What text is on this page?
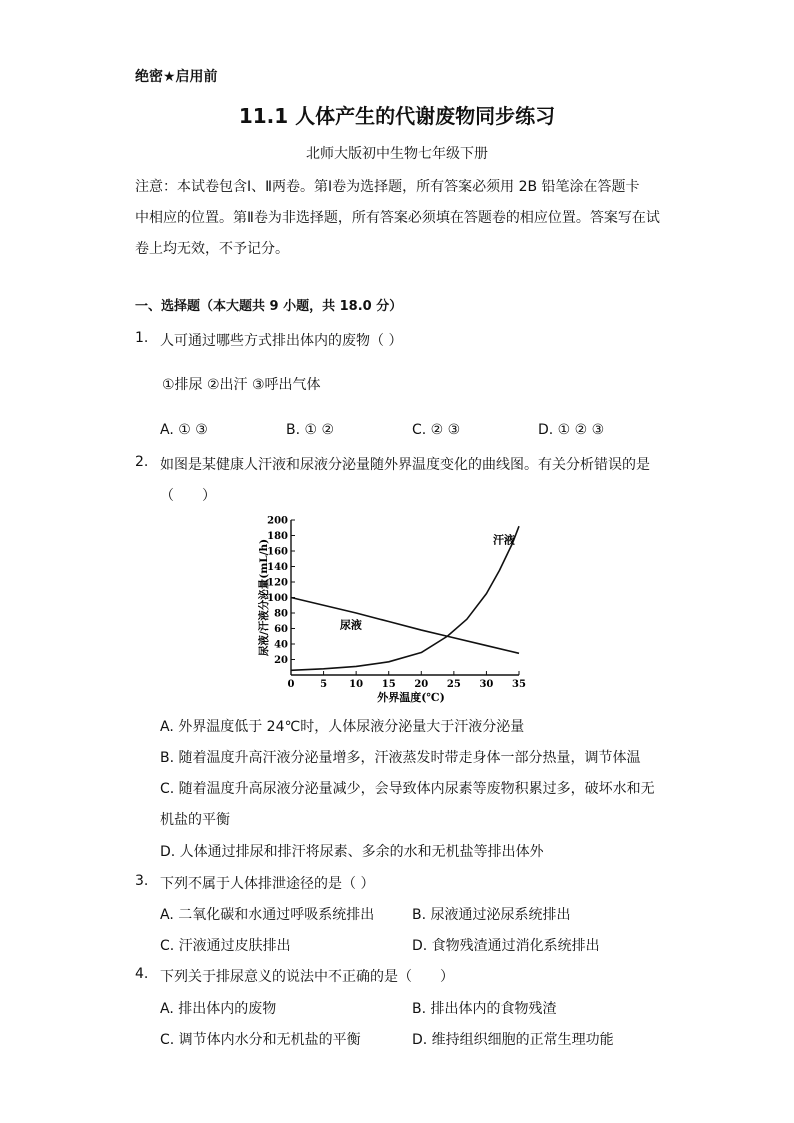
绝密★启用前
11.1 人体产生的代谢废物同步练习
北师大版初中生物七年级下册
注意：本试卷包含Ⅰ、Ⅱ两卷。第Ⅰ卷为选择题，所有答案必须用 2B 铅笔涂在答题卡
中相应的位置。第Ⅱ卷为非选择题，所有答案必须填在答题卷的相应位置。答案写在试
卷上均无效，不予记分。
一、选择题（本大题共 9 小题，共 18.0 分）
1. 人可通过哪些方式排出体内的废物（ ）
①排尿 ②出汗 ③呼出气体
A. ① ③	B. ① ②	C. ② ③	D. ① ② ③
2. 如图是某健康人汗液和尿液分泌量随外界温度变化的曲线图。有关分析错误的是
（　　）
0	5 10 15 20 25 30 35
20
40
60
80
100
120
140
160
180
200
外界温度(℃)
尿液/汗液分泌量(mL/h)	尿液
汗液
A. 外界温度低于 24℃时，人体尿液分泌量大于汗液分泌量
B. 随着温度升高汗液分泌量增多，汗液蒸发时带走身体一部分热量，调节体温
C. 随着温度升高尿液分泌量减少，会导致体内尿素等废物积累过多，破坏水和无
机盐的平衡
D. 人体通过排尿和排汗将尿素、多余的水和无机盐等排出体外
3. 下列不属于人体排泄途径的是（ ）
A. 二氧化碳和水通过呼吸系统排出	B. 尿液通过泌尿系统排出
C. 汗液通过皮肤排出	D. 食物残渣通过消化系统排出
4. 下列关于排尿意义的说法中不正确的是（　　）
A. 排出体内的废物	B. 排出体内的食物残渣
C. 调节体内水分和无机盐的平衡	D. 维持组织细胞的正常生理功能
